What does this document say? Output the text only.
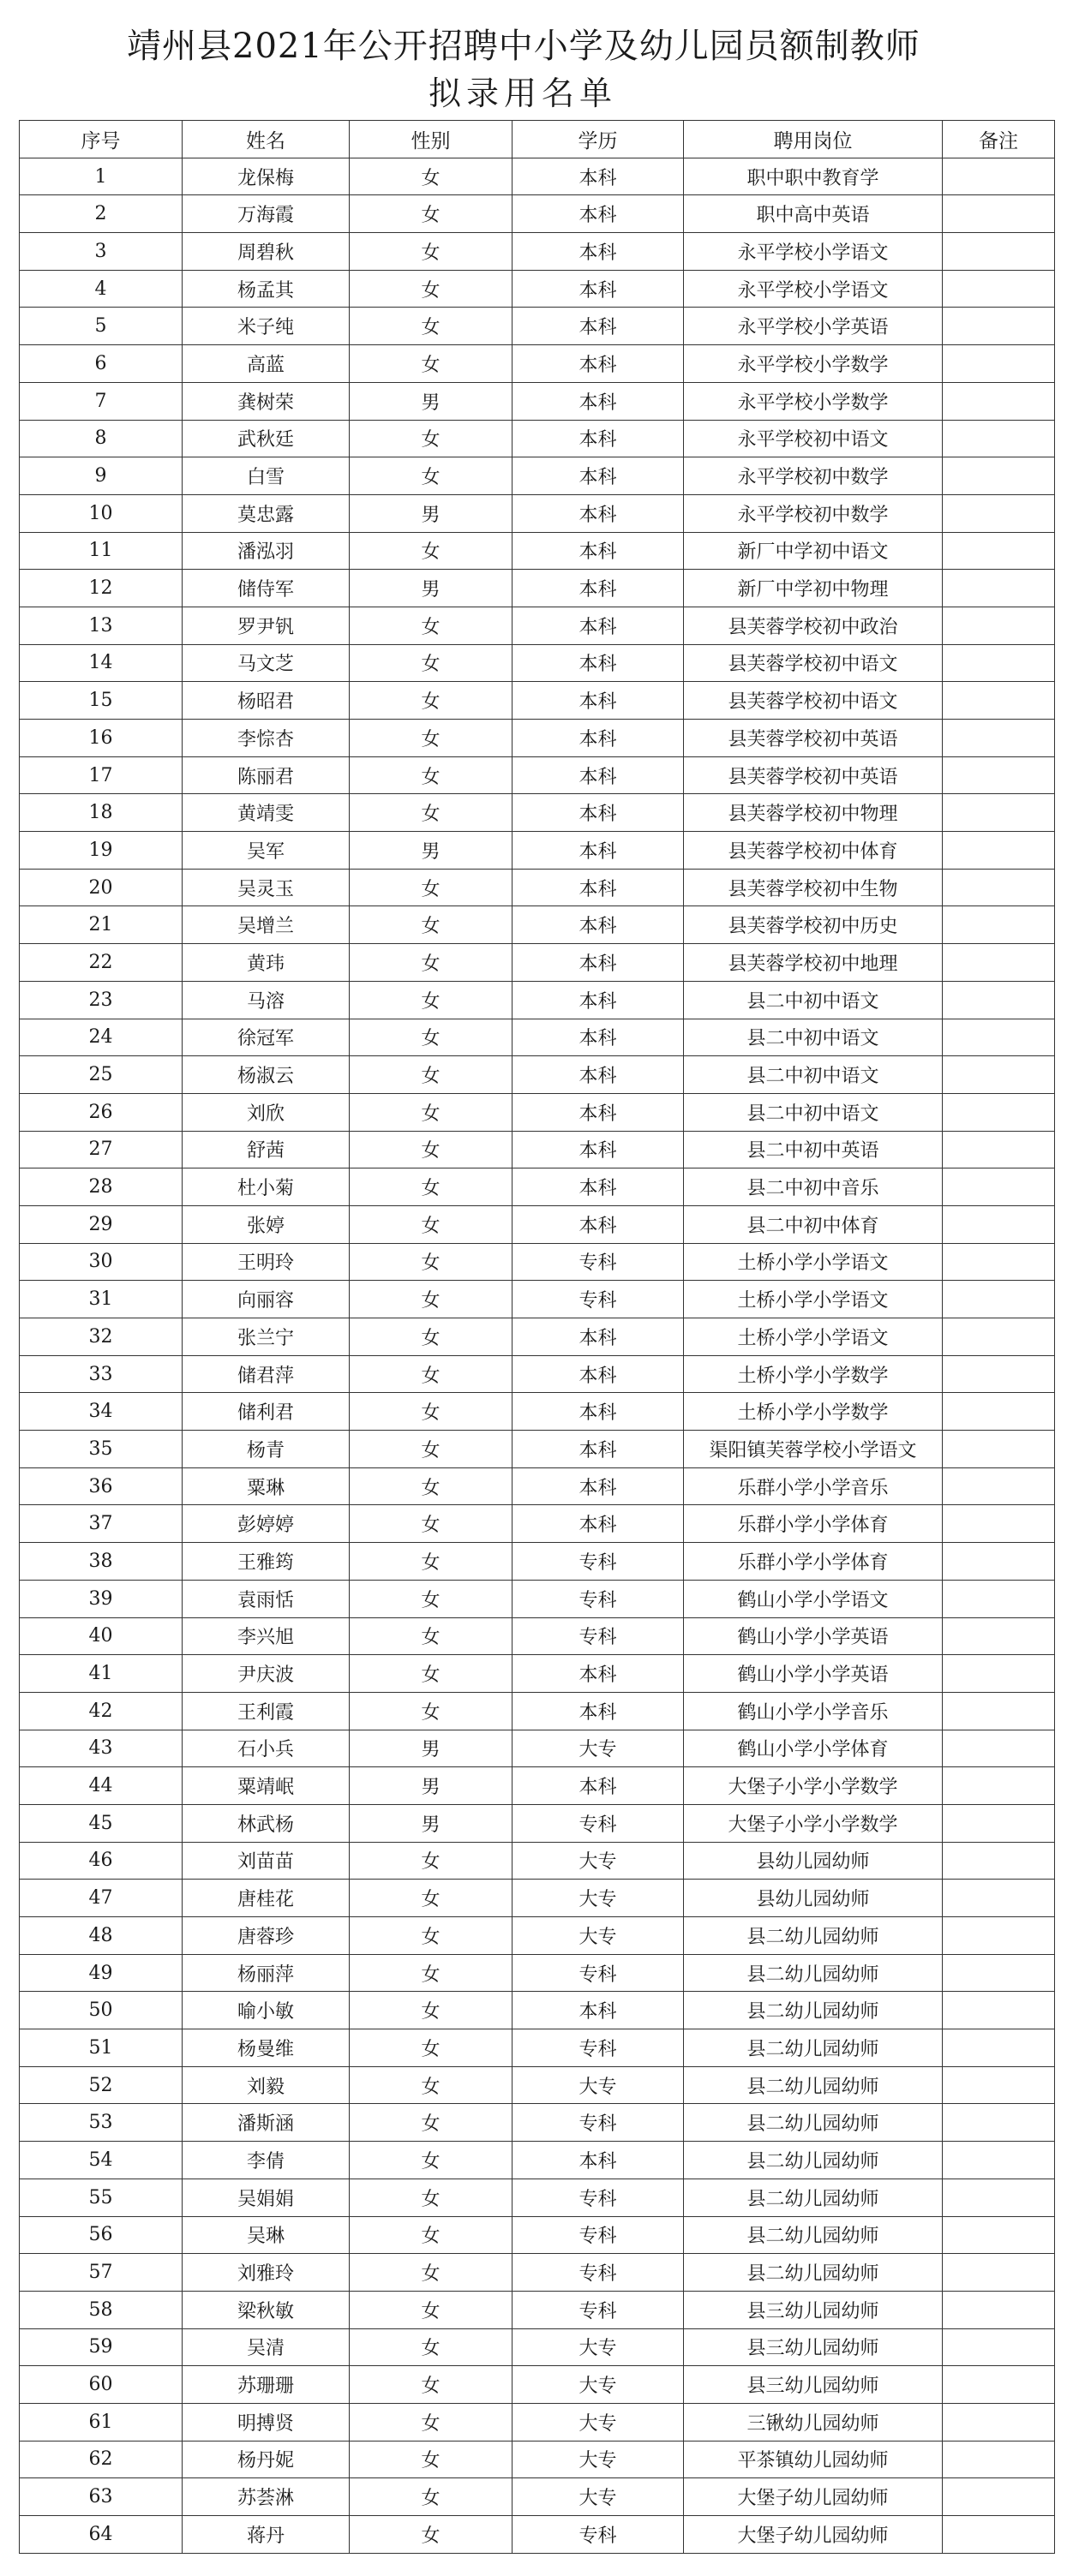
靖州县2021年公开招聘中小学及幼儿园员额制教师
拟录用名单
序号	姓名	性别	学历	聘用岗位	备注
1	龙保梅	女	本科	职中职中教育学	
2	万海霞	女	本科	职中高中英语	
3	周碧秋	女	本科	永平学校小学语文	
4	杨孟其	女	本科	永平学校小学语文	
5	米子纯	女	本科	永平学校小学英语	
6	高蓝	女	本科	永平学校小学数学	
7	龚树荣	男	本科	永平学校小学数学	
8	武秋廷	女	本科	永平学校初中语文	
9	白雪	女	本科	永平学校初中数学	
10	莫忠露	男	本科	永平学校初中数学	
11	潘泓羽	女	本科	新厂中学初中语文	
12	储侍军	男	本科	新厂中学初中物理	
13	罗尹钒	女	本科	县芙蓉学校初中政治	
14	马文芝	女	本科	县芙蓉学校初中语文	
15	杨昭君	女	本科	县芙蓉学校初中语文	
16	李悰杏	女	本科	县芙蓉学校初中英语	
17	陈丽君	女	本科	县芙蓉学校初中英语	
18	黄靖雯	女	本科	县芙蓉学校初中物理	
19	吴军	男	本科	县芙蓉学校初中体育	
20	吴灵玉	女	本科	县芙蓉学校初中生物	
21	吴增兰	女	本科	县芙蓉学校初中历史	
22	黄玮	女	本科	县芙蓉学校初中地理	
23	马溶	女	本科	县二中初中语文	
24	徐冠军	女	本科	县二中初中语文	
25	杨淑云	女	本科	县二中初中语文	
26	刘欣	女	本科	县二中初中语文	
27	舒茜	女	本科	县二中初中英语	
28	杜小菊	女	本科	县二中初中音乐	
29	张婷	女	本科	县二中初中体育	
30	王明玲	女	专科	土桥小学小学语文	
31	向丽容	女	专科	土桥小学小学语文	
32	张兰宁	女	本科	土桥小学小学语文	
33	储君萍	女	本科	土桥小学小学数学	
34	储利君	女	本科	土桥小学小学数学	
35	杨青	女	本科	渠阳镇芙蓉学校小学语文	
36	粟琳	女	本科	乐群小学小学音乐	
37	彭婷婷	女	本科	乐群小学小学体育	
38	王雅筠	女	专科	乐群小学小学体育	
39	袁雨恬	女	专科	鹤山小学小学语文	
40	李兴旭	女	专科	鹤山小学小学英语	
41	尹庆波	女	本科	鹤山小学小学英语	
42	王利霞	女	本科	鹤山小学小学音乐	
43	石小兵	男	大专	鹤山小学小学体育	
44	粟靖岷	男	本科	大堡子小学小学数学	
45	林武杨	男	专科	大堡子小学小学数学	
46	刘苗苗	女	大专	县幼儿园幼师	
47	唐桂花	女	大专	县幼儿园幼师	
48	唐蓉珍	女	大专	县二幼儿园幼师	
49	杨丽萍	女	专科	县二幼儿园幼师	
50	喻小敏	女	本科	县二幼儿园幼师	
51	杨曼维	女	专科	县二幼儿园幼师	
52	刘毅	女	大专	县二幼儿园幼师	
53	潘斯涵	女	专科	县二幼儿园幼师	
54	李倩	女	本科	县二幼儿园幼师	
55	吴娟娟	女	专科	县二幼儿园幼师	
56	吴琳	女	专科	县二幼儿园幼师	
57	刘雅玲	女	专科	县二幼儿园幼师	
58	梁秋敏	女	专科	县三幼儿园幼师	
59	吴清	女	大专	县三幼儿园幼师	
60	苏珊珊	女	大专	县三幼儿园幼师	
61	明搏贤	女	大专	三锹幼儿园幼师	
62	杨丹妮	女	大专	平茶镇幼儿园幼师	
63	苏荟淋	女	大专	大堡子幼儿园幼师	
64	蒋丹	女	专科	大堡子幼儿园幼师	
